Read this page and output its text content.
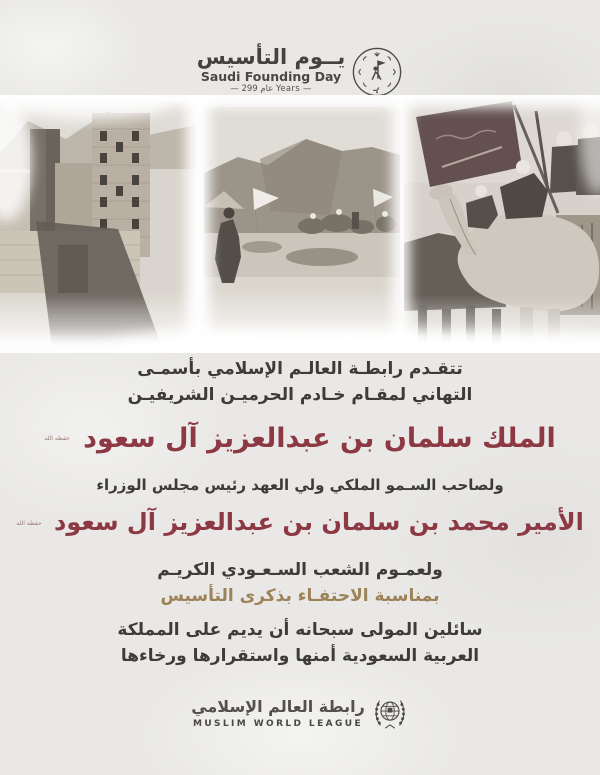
يــوم التأسيس
Saudi Founding Day
— عام 299 Years —

تتقـدم رابطـة العالـم الإسلامي بأسمـى
التهاني لمقـام خـادم الحرميـن الشريفيـن

الملك سلمان بن عبدالعزيز آل سعود حفظه الله

ولصاحب السـمو الملكي ولي العهد رئيس مجلس الوزراء

الأمير محمد بن سلمان بن عبدالعزيز آل سعود حفظه الله

ولعمـوم الشعب السـعـودي الكريـم

بمناسبة الاحتفـاء بذكرى التأسيس

سائلين المولى سبحانه أن يديم على المملكة
العربية السعودية أمنها واستقرارها ورخاءها

رابطة العالم الإسلامي
MUSLIM WORLD LEAGUE
